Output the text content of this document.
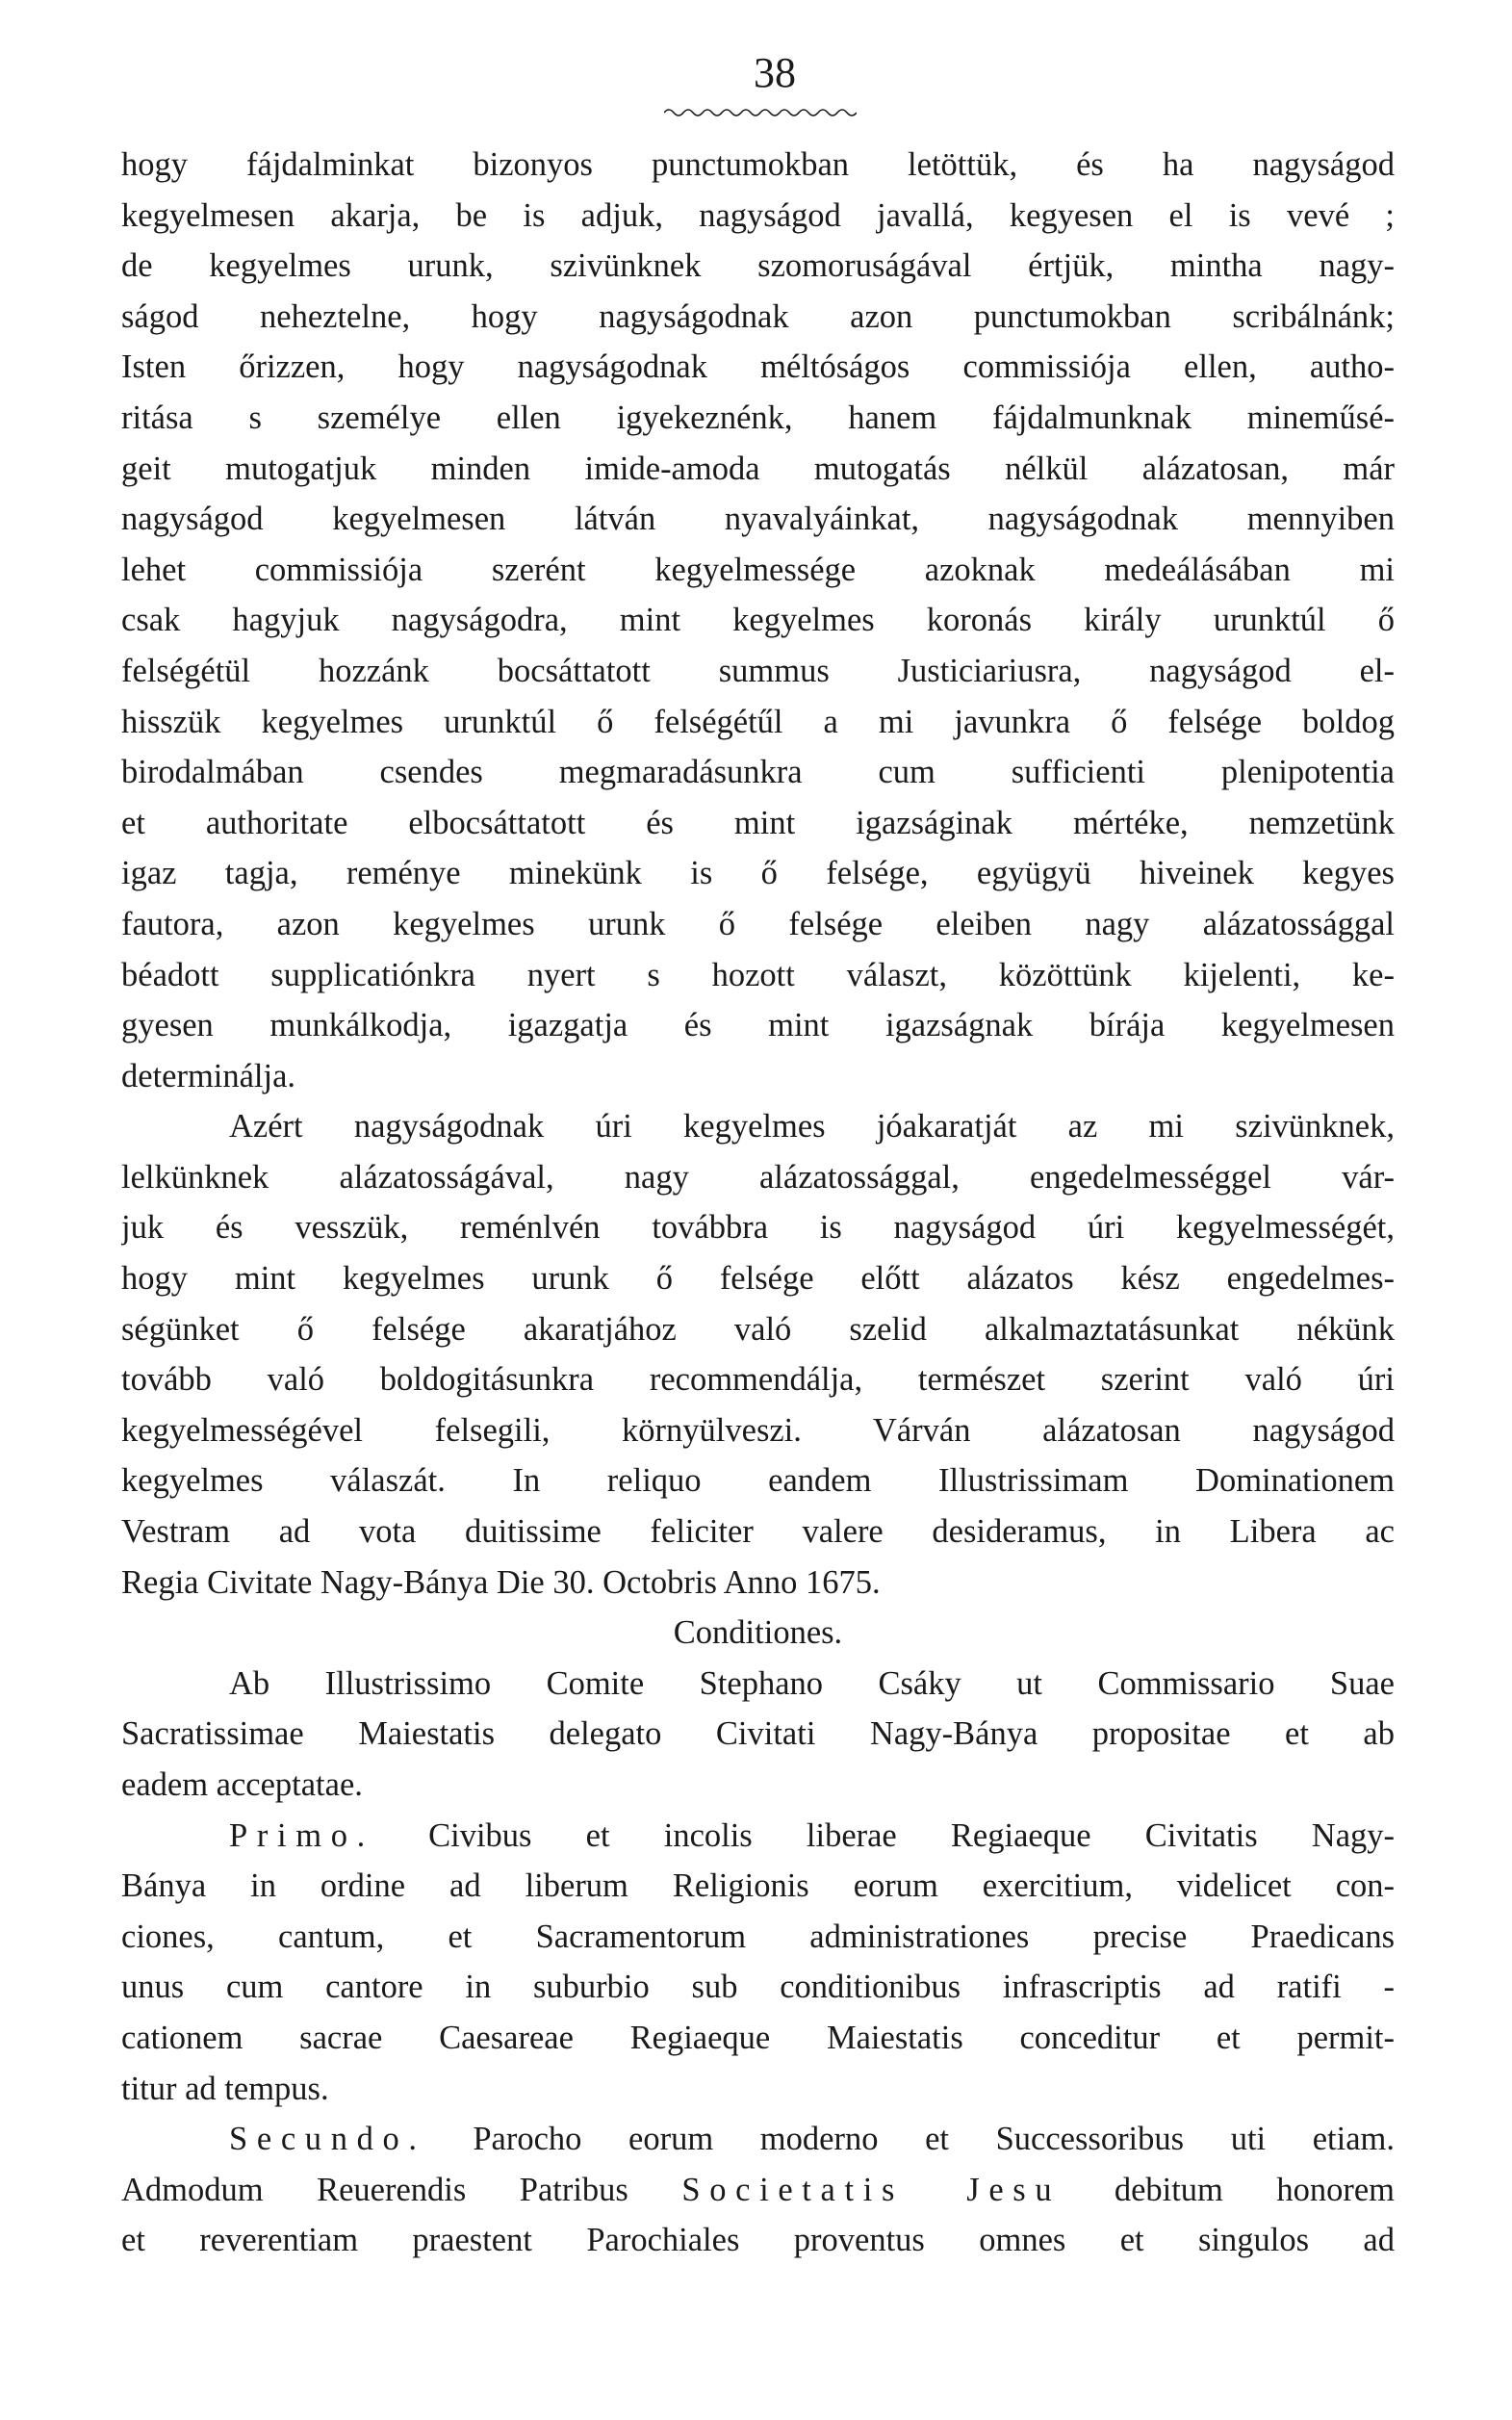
38
hogy fájdalminkat bizonyos punctumokban letöttük, és ha nagyságod
kegyelmesen akarja, be is adjuk, nagyságod javallá, kegyesen el is vevé ;
de kegyelmes urunk, szivünknek szomoruságával értjük, mintha nagy-
ságod neheztelne, hogy nagyságodnak azon punctumokban scribálnánk;
Isten őrizzen, hogy nagyságodnak méltóságos commissiója ellen, autho-
ritása s személye ellen igyekeznénk, hanem fájdalmunknak mineműsé-
geit mutogatjuk minden imide-amoda mutogatás nélkül alázatosan, már
nagyságod kegyelmesen látván nyavalyáinkat, nagyságodnak mennyiben
lehet commissiója szerént kegyelmessége azoknak medeálásában mi
csak hagyjuk nagyságodra, mint kegyelmes koronás király urunktúl ő
felségétül hozzánk bocsáttatott summus Justiciariusra, nagyságod el-
hisszük kegyelmes urunktúl ő felségétűl a mi javunkra ő felsége boldog
birodalmában csendes megmaradásunkra cum sufficienti plenipotentia
et authoritate elbocsáttatott és mint igazságinak mértéke, nemzetünk
igaz tagja, reménye minekünk is ő felsége, együgyü hiveinek kegyes
fautora, azon kegyelmes urunk ő felsége eleiben nagy alázatossággal
béadott supplicatiónkra nyert s hozott választ, közöttünk kijelenti, ke-
gyesen munkálkodja, igazgatja és mint igazságnak bírája kegyelmesen
determinálja.
Azért nagyságodnak úri kegyelmes jóakaratját az mi szivünknek,
lelkünknek alázatosságával, nagy alázatossággal, engedelmességgel vár-
juk és vesszük, reménlvén továbbra is nagyságod úri kegyelmességét,
hogy mint kegyelmes urunk ő felsége előtt alázatos kész engedelmes-
ségünket ő felsége akaratjához való szelid alkalmaztatásunkat nékünk
tovább való boldogitásunkra recommendálja, természet szerint való úri
kegyelmességével felsegili, környülveszi. Várván alázatosan nagyságod
kegyelmes válaszát. In reliquo eandem Illustrissimam Dominationem
Vestram ad vota duitissime feliciter valere desideramus, in Libera ac
Regia Civitate Nagy-Bánya Die 30. Octobris Anno 1675.
Conditiones.
Ab Illustrissimo Comite Stephano Csáky ut Commissario Suae
Sacratissimae Maiestatis delegato Civitati Nagy-Bánya propositae et ab
eadem acceptatae.
Primo. Civibus et incolis liberae Regiaeque Civitatis Nagy-
Bánya in ordine ad liberum Religionis eorum exercitium, videlicet con-
ciones, cantum, et Sacramentorum administrationes precise Praedicans
unus cum cantore in suburbio sub conditionibus infrascriptis ad ratifi -
cationem sacrae Caesareae Regiaeque Maiestatis conceditur et permit-
titur ad tempus.
Secundo. Parocho eorum moderno et Successoribus uti etiam.
Admodum Reuerendis Patribus Societatis Jesu debitum honorem
et reverentiam praestent Parochiales proventus omnes et singulos ad
